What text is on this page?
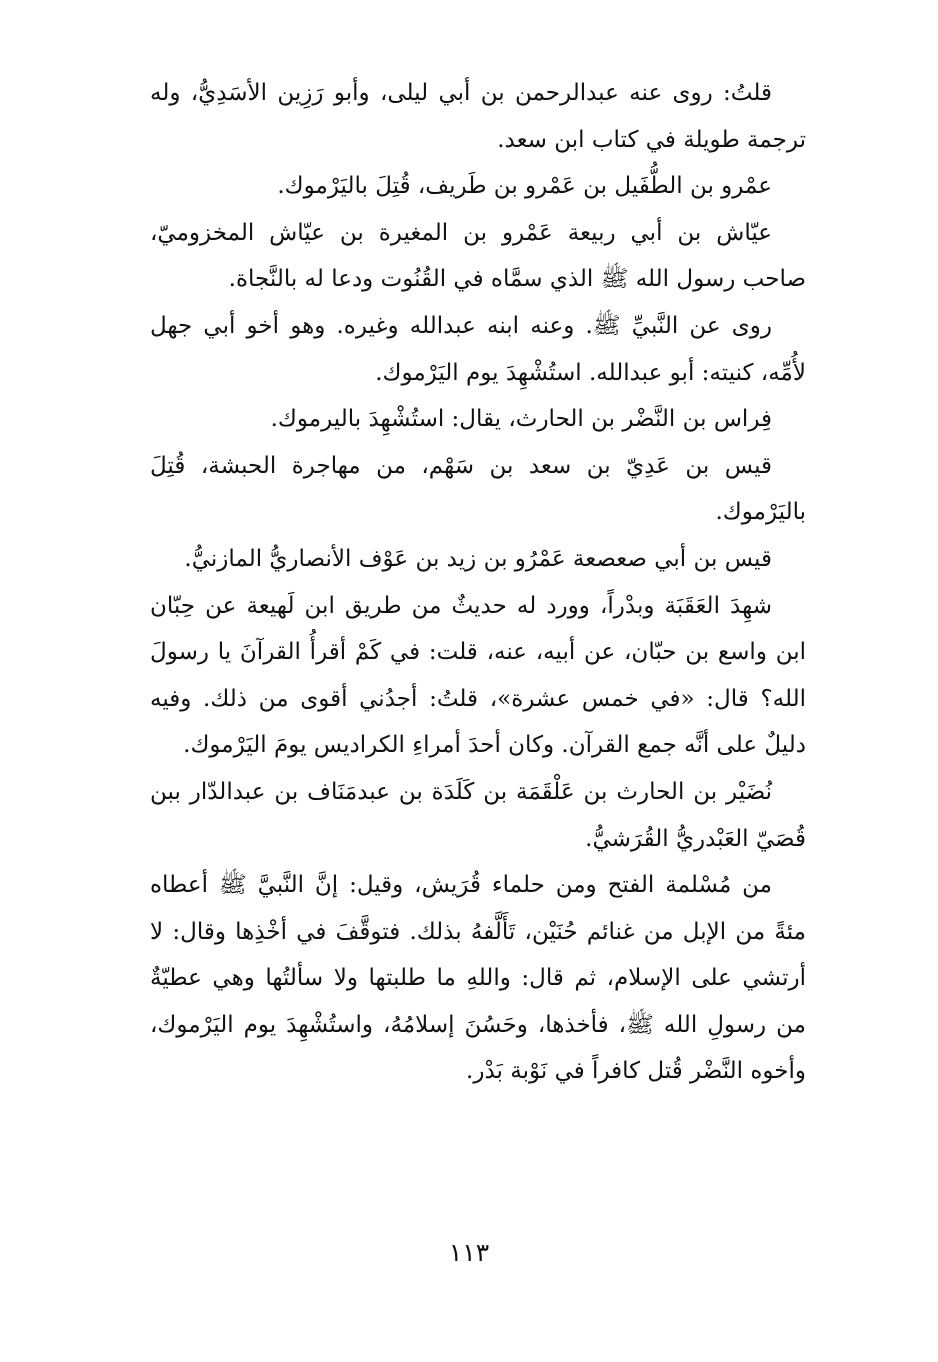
قلتُ: روى عنه عبدالرحمن بن أبي ليلى، وأبو رَزِين الأسَدِيُّ، وله ترجمة طويلة في كتاب ابن سعد.

عمْرو بن الطُّفَيل بن عَمْرو بن طَريف، قُتِلَ باليَرْموك.

عيّاش بن أبي ربيعة عَمْرو بن المغيرة بن عيّاش المخزوميّ، صاحب رسول الله ﷺ الذي سمَّاه في القُنُوت ودعا له بالنَّجاة.

روى عن النَّبيِّ ﷺ. وعنه ابنه عبدالله وغيره. وهو أخو أبي جهل لأُمِّه، كنيته: أبو عبدالله. استُشْهِدَ يوم اليَرْموك.

فِراس بن النَّضْر بن الحارث، يقال: استُشْهِدَ باليرموك.

قيس بن عَدِيّ بن سعد بن سَهْم، من مهاجرة الحبشة، قُتِلَ باليَرْموك.

قيس بن أبي صعصعة عَمْرُو بن زيد بن عَوْف الأنصاريُّ المازنيُّ.

شهِدَ العَقَبَة وبدْراً، وورد له حديثٌ من طريق ابن لَهيعة عن حِبّان ابن واسع بن حبّان، عن أبيه، عنه، قلت: في كَمْ أقرأُ القرآنَ يا رسولَ الله؟ قال: «في خمس عشرة»، قلتُ: أجدُني أقوى من ذلك. وفيه دليلٌ على أنَّه جمع القرآن. وكان أحدَ أمراءِ الكراديس يومَ اليَرْموك.

نُضَيْر بن الحارث بن عَلْقَمَة بن كَلَدَة بن عبدمَنَاف بن عبدالدّار ببن قُصَيّ العَبْدريُّ القُرَشيُّ.

من مُسْلمة الفتح ومن حلماء قُرَيش، وقيل: إنَّ النَّبيَّ ﷺ أعطاه مئةً من الإبل من غنائم حُنَيْن، تَأَلَّفهُ بذلك. فتوقَّفَ في أخْذِها وقال: لا أرتشي على الإسلام، ثم قال: واللهِ ما طلبتها ولا سألتُها وهي عطيّةٌ من رسولِ الله ﷺ، فأخذها، وحَسُنَ إسلامُهُ، واستُشْهِدَ يوم اليَرْموك، وأخوه النَّضْر قُتل كافراً في نَوْبة بَدْر.

١١٣
